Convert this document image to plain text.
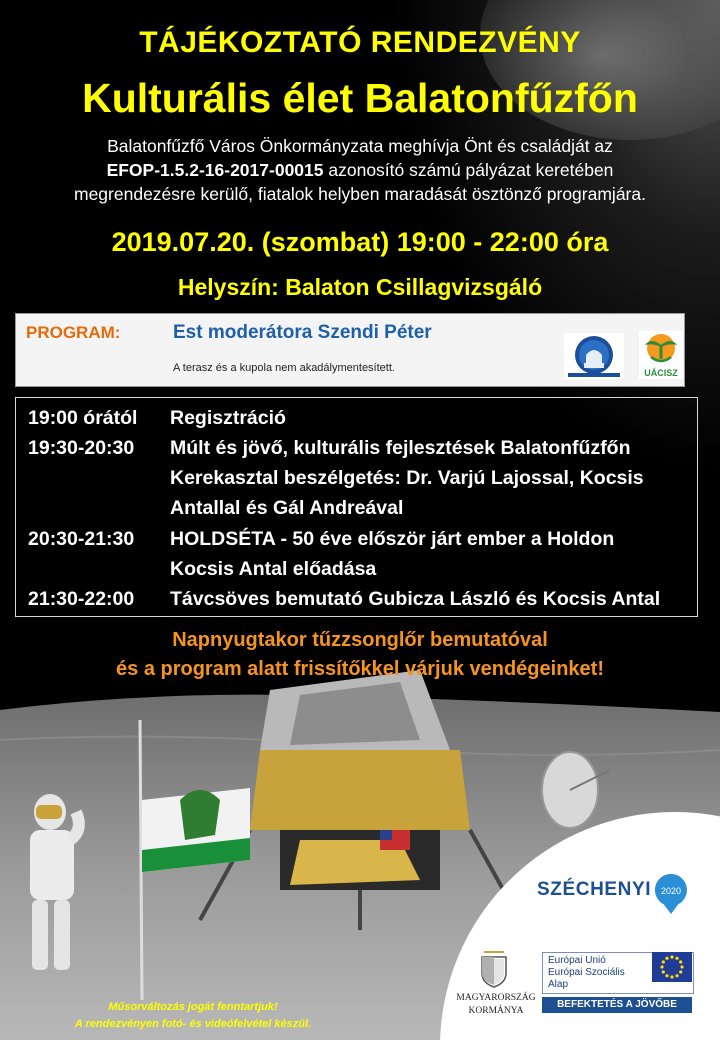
TÁJÉKOZTATÓ RENDEZVÉNY
Kulturális élet Balatonfűzfőn
Balatonfűzfő Város Önkormányzata meghívja Önt és családját az
EFOP-1.5.2-16-2017-00015 azonosító számú pályázat keretében
megrendezésre kerülő, fiatalok helyben maradását ösztönző programjára.
2019.07.20. (szombat) 19:00 - 22:00 óra
Helyszín: Balaton Csillagvizsgáló
PROGRAM:	Est moderátora Szendi Péter
A terasz és a kupola nem akadálymentesített.	UÁCISZ
19:00 órától Regisztráció
19:30-20:30 Múlt és jövő, kulturális fejlesztések Balatonfűzfőn
Kerekasztal beszélgetés: Dr. Varjú Lajossal, Kocsis
Antallal és Gál Andreával
20:30-21:30 HOLDSÉTA - 50 éve először járt ember a Holdon
Kocsis Antal előadása
21:30-22:00 Távcsöves bemutató Gubicza László és Kocsis Antal
Napnyugtakor tűzzsonglőr bemutatóval
és a program alatt frissítőkkel várjuk vendégeinket!
Műsorváltozás jogát fenntartjuk!
A rendezvényen fotó- és videófelvétel készül.
SZÉCHENYI 2020
MAGYARORSZÁG
KORMÁNYA
Európai Unió
Európai Szociális
Alap
BEFEKTETÉS A JÖVŐBE
